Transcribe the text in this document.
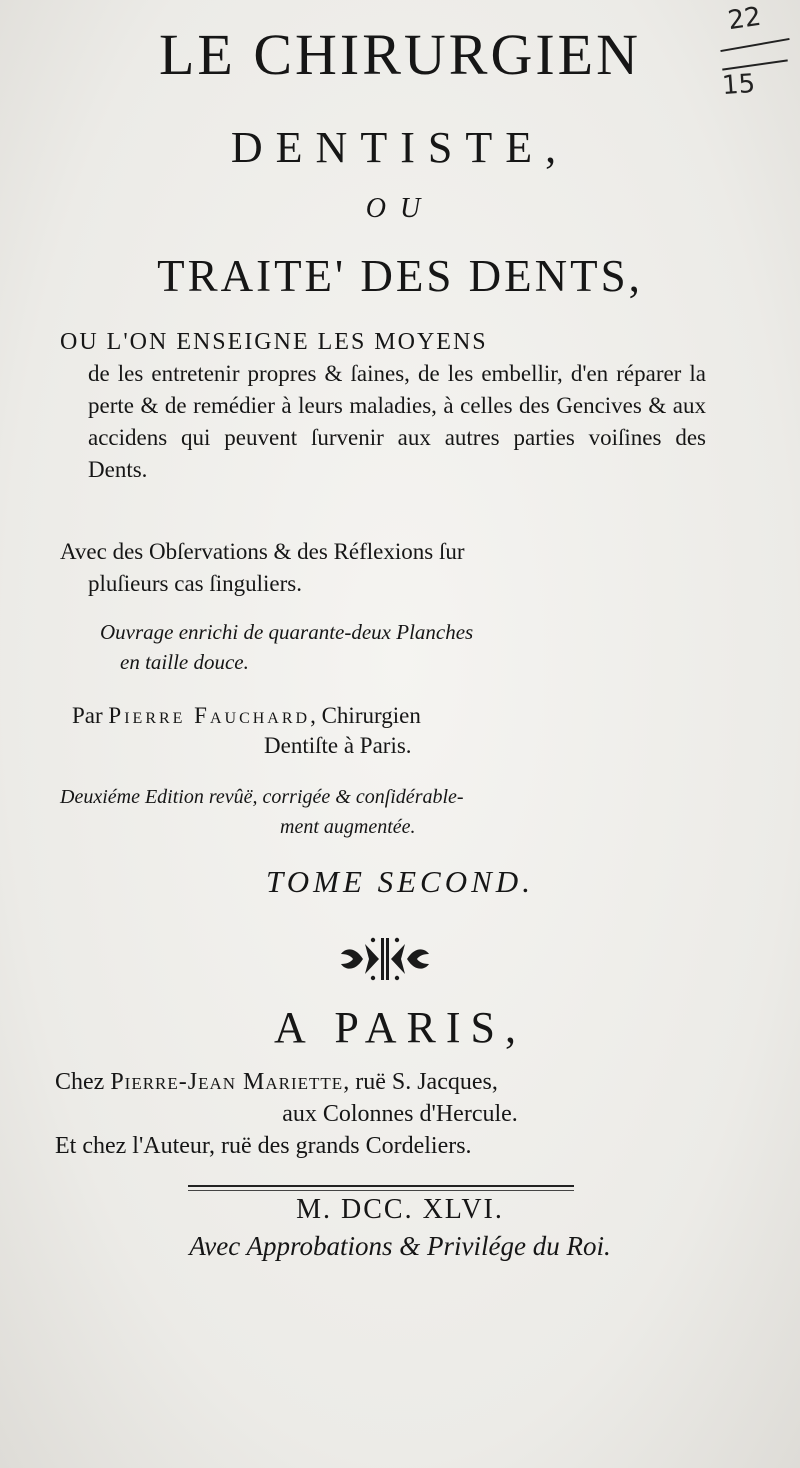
22
15
LE CHIRURGIEN
DENTISTE,
OU
TRAITE' DES DENTS,
OU L'ON ENSEIGNE LES MOYENS
de les entretenir propres & ſaines, de les embellir, d'en réparer la perte & de remédier à leurs maladies, à celles des Gencives & aux accidens qui peuvent ſurvenir aux autres parties voiſines des Dents.
Avec des Obſervations & des Réflexions ſur
pluſieurs cas ſinguliers.
Ouvrage enrichi de quarante-deux Planches
en taille douce.
Par Pierre Fauchard, Chirurgien
Dentiſte à Paris.
Deuxiéme Edition revûë, corrigée & conſidérable-
ment augmentée.
TOME SECOND.
A PARIS,
Chez Pierre-Jean Mariette, ruë S. Jacques,
aux Colonnes d'Hercule.
Et chez l'Auteur, ruë des grands Cordeliers.
M. DCC. XLVI.
Avec Approbations & Privilége du Roi.
